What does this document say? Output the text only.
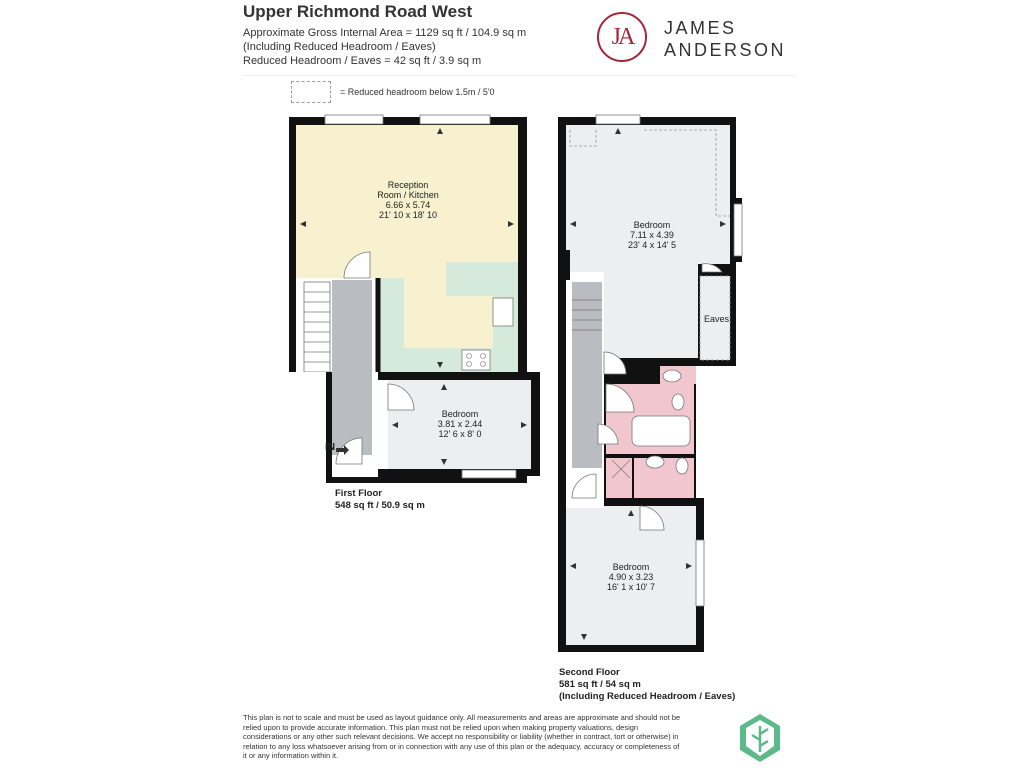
Upper Richmond Road West
Approximate Gross Internal Area = 1129 sq ft / 104.9 sq m
(Including Reduced Headroom / Eaves)
Reduced Headroom / Eaves = 42 sq ft / 3.9 sq m
JA	JAMES
ANDERSON
= Reduced headroom below 1.5m / 5'0
Reception
Room / Kitchen
6.66 x 5.74
21' 10 x 18' 10
Bedroom
3.81 x 2.44
12' 6 x 8' 0
IN
First Floor
548 sq ft / 50.9 sq m
Bedroom
7.11 x 4.39
23' 4 x 14' 5
Eaves
Bedroom
4.90 x 3.23
16' 1 x 10' 7
Second Floor
581 sq ft / 54 sq m
(Including Reduced Headroom / Eaves)
This plan is not to scale and must be used as layout guidance only. All measurements and areas are approximate and should not be relied upon to provide accurate information. This plan must not be relied upon when making property valuations, design considerations or any other such relevant decisions. We accept no responsibility or liability (whether in contract, tort or otherwise) in relation to any loss whatsoever arising from or in connection with any use of this plan or the adequacy, accuracy or completeness of it or any information within it.
